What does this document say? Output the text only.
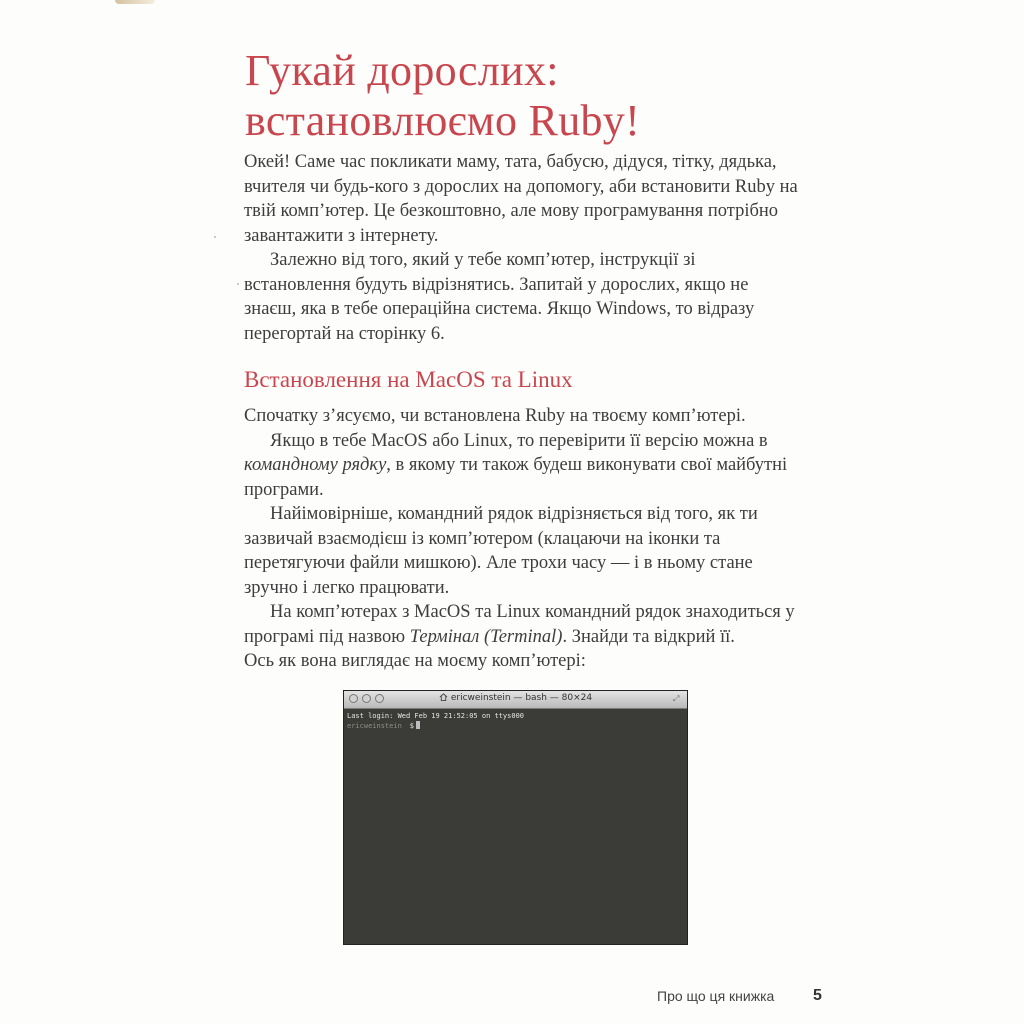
Гукай дорослих:
встановлюємо Ruby!

Окей! Саме час покликати маму, тата, бабусю, дідуся, тітку, дядька, вчителя чи будь-кого з дорослих на допомогу, аби встановити Ruby на твій комп’ютер. Це безкоштовно, але мову програмування потрібно завантажити з інтернету.

Залежно від того, який у тебе комп’ютер, інструкції зі встановлення будуть відрізнятись. Запитай у дорослих, якщо не знаєш, яка в тебе операційна система. Якщо Windows, то відразу перегортай на сторінку 6.

Встановлення на MacOS та Linux

Спочатку з’ясуємо, чи встановлена Ruby на твоєму комп’ютері.

Якщо в тебе MacOS або Linux, то перевірити її версію можна в командному рядку, в якому ти також будеш виконувати свої майбутні програми.

Найімовірніше, командний рядок відрізняється від того, як ти зазвичай взаємодієш із комп’ютером (клацаючи на іконки та перетягуючи файли мишкою). Але трохи часу — і в ньому стане зручно і легко працювати.

На комп’ютерах з MacOS та Linux командний рядок знаходиться у програмі під назвою Термінал (Terminal). Знайди та відкрий її.

Ось як вона виглядає на моєму комп’ютері:

ericweinstein — bash — 80×24	⤢
Last login: Wed Feb 19 21:52:05 on ttys000
ericweinstein $
Про що ця книжка 5
